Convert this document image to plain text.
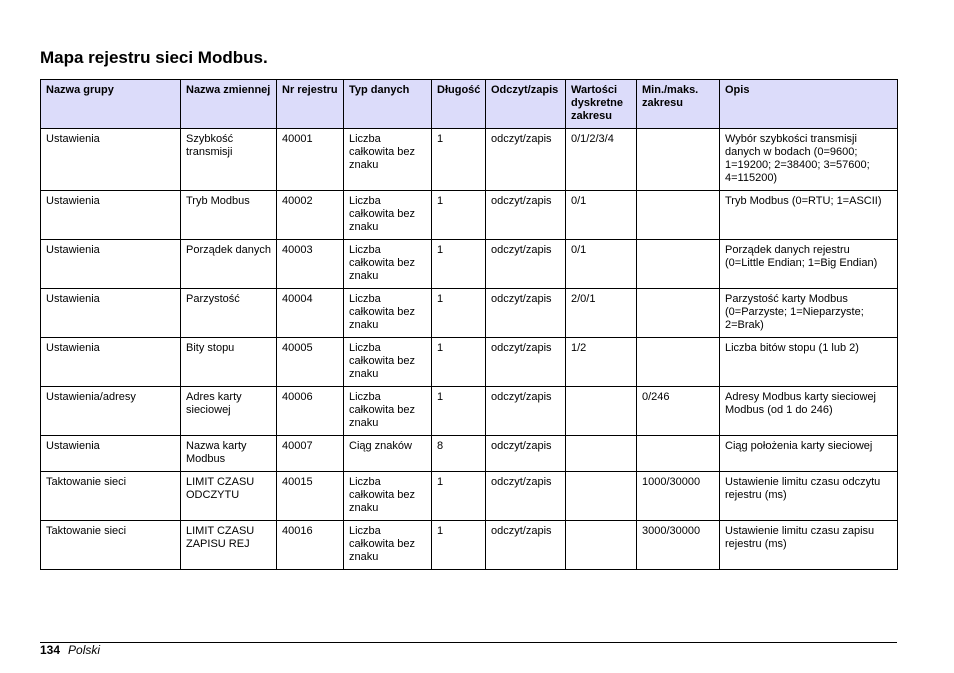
Mapa rejestru sieci Modbus.
Nazwa grupy	Nazwa zmiennej	Nr rejestru	Typ danych	Długość	Odczyt/zapis	Wartości dyskretne zakresu	Min./maks. zakresu	Opis
Ustawienia	Szybkość transmisji	40001	Liczba całkowita bez znaku	1	odczyt/zapis	0/1/2/3/4		Wybór szybkości transmisji danych w bodach (0=9600; 1=19200; 2=38400; 3=57600; 4=115200)
Ustawienia	Tryb Modbus	40002	Liczba całkowita bez znaku	1	odczyt/zapis	0/1		Tryb Modbus (0=RTU; 1=ASCII)
Ustawienia	Porządek danych	40003	Liczba całkowita bez znaku	1	odczyt/zapis	0/1		Porządek danych rejestru (0=Little Endian; 1=Big Endian)
Ustawienia	Parzystość	40004	Liczba całkowita bez znaku	1	odczyt/zapis	2/0/1		Parzystość karty Modbus (0=Parzyste; 1=Nieparzyste; 2=Brak)
Ustawienia	Bity stopu	40005	Liczba całkowita bez znaku	1	odczyt/zapis	1/2		Liczba bitów stopu (1 lub 2)
Ustawienia/adresy	Adres karty sieciowej	40006	Liczba całkowita bez znaku	1	odczyt/zapis		0/246	Adresy Modbus karty sieciowej Modbus (od 1 do 246)
Ustawienia	Nazwa karty Modbus	40007	Ciąg znaków	8	odczyt/zapis			Ciąg położenia karty sieciowej
Taktowanie sieci	LIMIT CZASU ODCZYTU	40015	Liczba całkowita bez znaku	1	odczyt/zapis		1000/30000	Ustawienie limitu czasu odczytu rejestru (ms)
Taktowanie sieci	LIMIT CZASU ZAPISU REJ	40016	Liczba całkowita bez znaku	1	odczyt/zapis		3000/30000	Ustawienie limitu czasu zapisu rejestru (ms)
134 Polski
